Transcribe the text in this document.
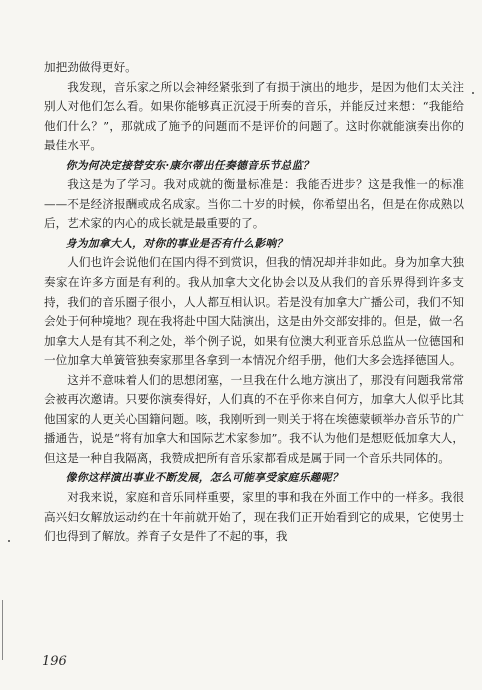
加把劲做得更好。

我发现，音乐家之所以会神经紧张到了有损于演出的地步，是因为他们太关注别人对他们怎么看。如果你能够真正沉浸于所奏的音乐，并能反过来想：“我能给他们什么？”，那就成了施予的问题而不是评价的问题了。这时你就能演奏出你的最佳水平。

你为何决定接替安东·康尔蒂出任奏德音乐节总监？

我这是为了学习。我对成就的衡量标准是：我能否进步？这是我惟一的标准——不是经济报酬或成名成家。当你二十岁的时候，你希望出名，但是在你成熟以后，艺术家的内心的成长就是最重要的了。

身为加拿大人，对你的事业是否有什么影响？

人们也许会说他们在国内得不到赏识，但我的情况却并非如此。身为加拿大独奏家在许多方面是有利的。我从加拿大文化协会以及从我们的音乐界得到许多支持，我们的音乐圈子很小，人人都互相认识。若是没有加拿大广播公司，我们不知会处于何种境地？现在我将赴中国大陆演出，这是由外交部安排的。但是，做一名加拿大人是有其不利之处，举个例子说，如果有位澳大利亚音乐总监从一位德国和一位加拿大单簧管独奏家那里各拿到一本情况介绍手册，他们大多会选择德国人。

这并不意味着人们的思想闭塞，一旦我在什么地方演出了，那没有问题我常常会被再次邀请。只要你演奏得好，人们真的不在乎你来自何方，加拿大人似乎比其他国家的人更关心国籍问题。咳，我刚听到一则关于将在埃德蒙顿举办音乐节的广播通告，说是“将有加拿大和国际艺术家参加”。我不认为他们是想贬低加拿大人，但这是一种自我隔离，我赞成把所有音乐家都看成是属于同一个音乐共同体的。

像你这样演出事业不断发展，怎么可能享受家庭乐趣呢？

对我来说，家庭和音乐同样重要，家里的事和我在外面工作中的一样多。我很高兴妇女解放运动约在十年前就开始了，现在我们正开始看到它的成果，它使男士们也得到了解放。养育子女是件了不起的事，我

196
